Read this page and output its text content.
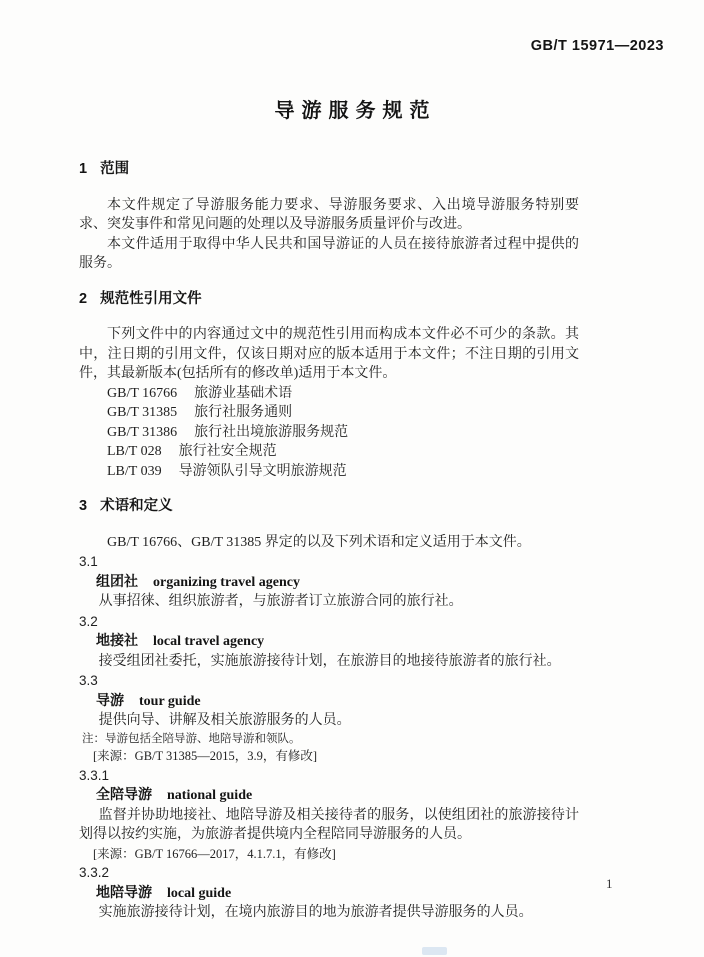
GB/T 15971—2023
导游服务规范
1 范围

本文件规定了导游服务能力要求、导游服务要求、入出境导游服务特别要求、突发事件和常见问题的处理以及导游服务质量评价与改进。

本文件适用于取得中华人民共和国导游证的人员在接待旅游者过程中提供的服务。

2 规范性引用文件

下列文件中的内容通过文中的规范性引用而构成本文件必不可少的条款。其中，注日期的引用文件，仅该日期对应的版本适用于本文件；不注日期的引用文件，其最新版本(包括所有的修改单)适用于本文件。

GB/T 16766 旅游业基础术语
GB/T 31385 旅行社服务通则
GB/T 31386 旅行社出境旅游服务规范
LB/T 028 旅行社安全规范
LB/T 039 导游领队引导文明旅游规范
3 术语和定义

GB/T 16766、GB/T 31385 界定的以及下列术语和定义适用于本文件。

3.1
组团社 organizing travel agency

从事招徕、组织旅游者，与旅游者订立旅游合同的旅行社。

3.2
地接社 local travel agency

接受组团社委托，实施旅游接待计划，在旅游目的地接待旅游者的旅行社。

3.3
导游 tour guide

提供向导、讲解及相关旅游服务的人员。

注：导游包括全陪导游、地陪导游和领队。
[来源：GB/T 31385—2015，3.9，有修改]
3.3.1
全陪导游 national guide

监督并协助地接社、地陪导游及相关接待者的服务，以使组团社的旅游接待计划得以按约实施，为旅游者提供境内全程陪同导游服务的人员。

[来源：GB/T 16766—2017，4.1.7.1，有修改]
3.3.2
地陪导游 local guide

实施旅游接待计划，在境内旅游目的地为旅游者提供导游服务的人员。

1
